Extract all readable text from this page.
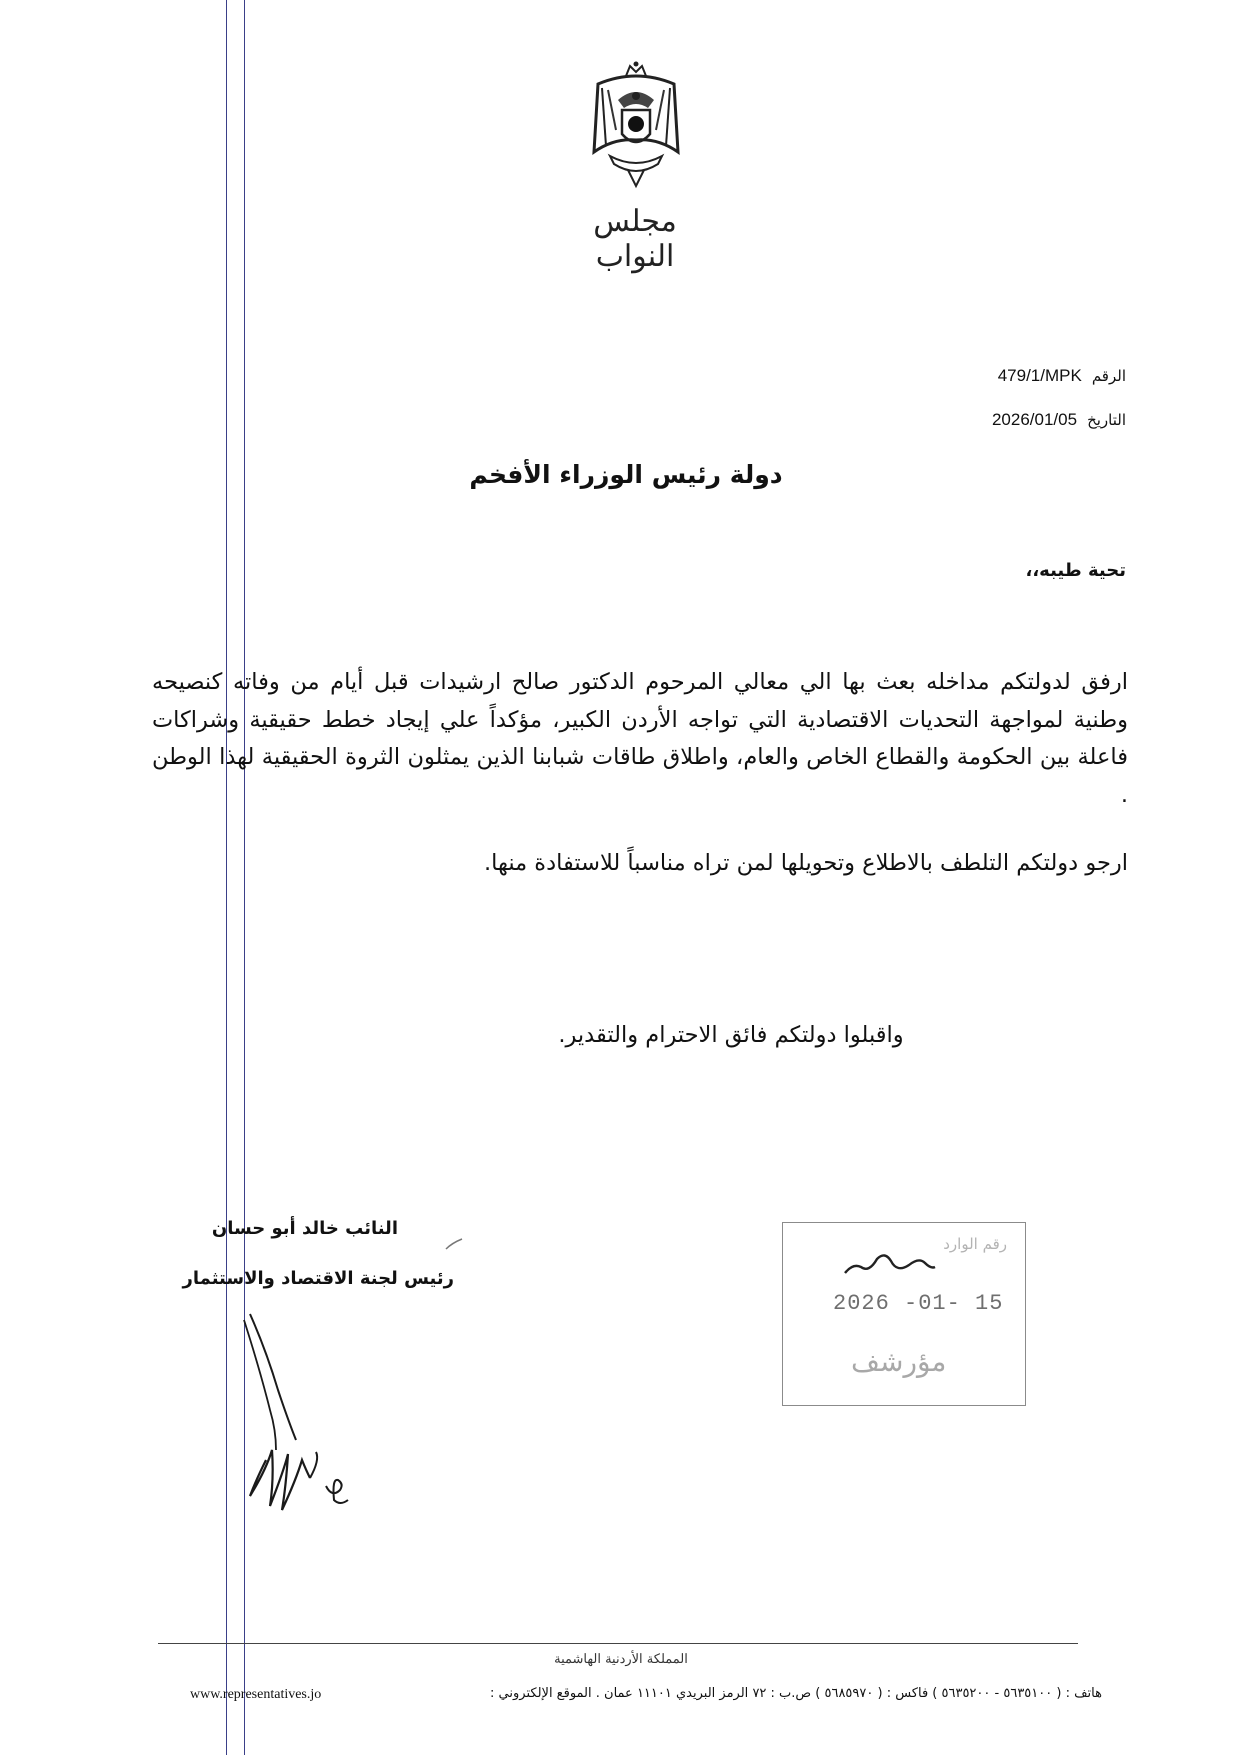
مجلس النواب
الرقم
479/1/MPK
التاريخ
2026/01/05
دولة رئيس الوزراء الأفخم
تحية طيبه،،
ارفق لدولتكم مداخله بعث بها الي معالي المرحوم الدكتور صالح ارشيدات قبل أيام من وفاته كنصيحه وطنية لمواجهة التحديات الاقتصادية التي تواجه الأردن الكبير، مؤكداً علي إيجاد خطط حقيقية وشراكات فاعلة بين الحكومة والقطاع الخاص والعام، واطلاق طاقات شبابنا الذين يمثلون الثروة الحقيقية لهذا الوطن .
ارجو دولتكم التلطف بالاطلاع وتحويلها لمن تراه مناسباً للاستفادة منها.
واقبلوا دولتكم فائق الاحترام والتقدير.
النائب خالد أبو حسان
رئيس لجنة الاقتصاد والاستثمار
رقم الوارد
2026 -01- 15
مؤرشف
المملكة الأردنية الهاشمية
هاتف : ( ٥٦٣٥١٠٠ - ٥٦٣٥٢٠٠ ) فاكس : ( ٥٦٨٥٩٧٠ ) ص.ب : ٧٢ الرمز البريدي ١١١٠١ عمان . الموقع الإلكتروني :
www.representatives.jo
